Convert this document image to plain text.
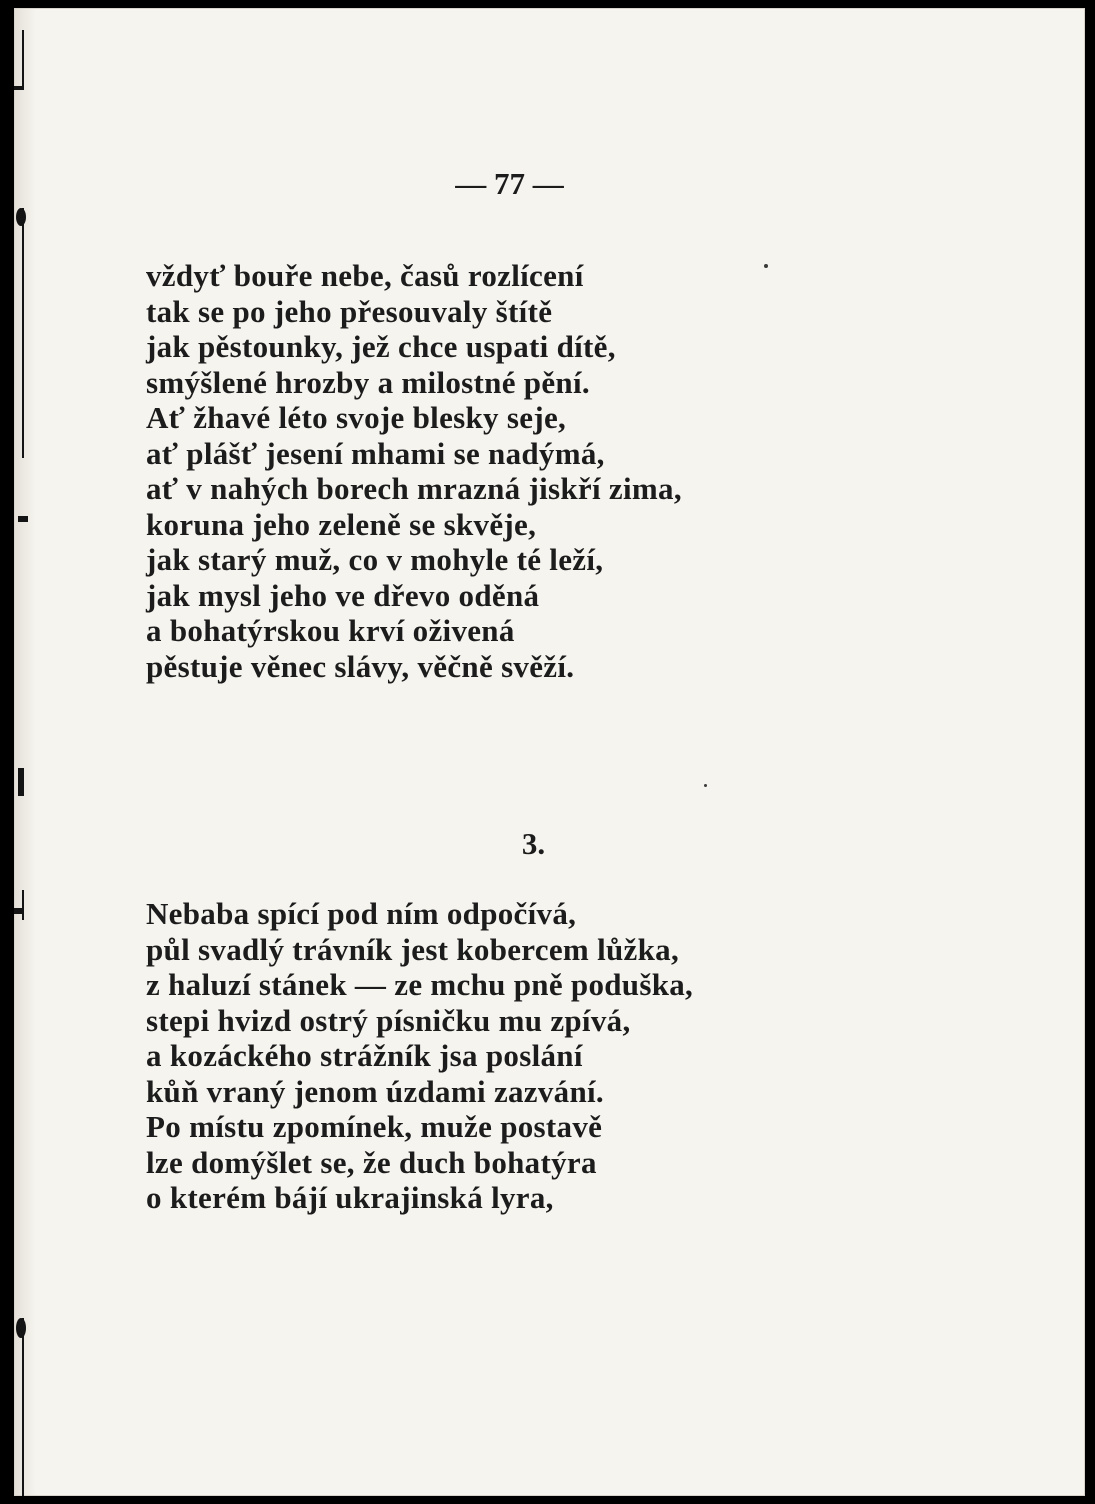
— 77 —
vždyť bouře nebe, časů rozlícení
tak se po jeho přesouvaly štítě
jak pěstounky, jež chce uspati dítě,
smýšlené hrozby a milostné pění.
Ať žhavé léto svoje blesky seje,
ať plášť jesení mhami se nadýmá,
ať v nahých borech mrazná jiskří zima,
koruna jeho zeleně se skvěje,
jak starý muž, co v mohyle té leží,
jak mysl jeho ve dřevo oděná
a bohatýrskou krví oživená
pěstuje věnec slávy, věčně svěží.
3.
Nebaba spící pod ním odpočívá,
půl svadlý trávník jest kobercem lůžka,
z haluzí stánek — ze mchu pně poduška,
stepi hvizd ostrý písničku mu zpívá,
a kozáckého strážník jsa poslání
kůň vraný jenom úzdami zazvání.
Po místu zpomínek, muže postavě
lze domýšlet se, že duch bohatýra
o kterém bájí ukrajinská lyra,
